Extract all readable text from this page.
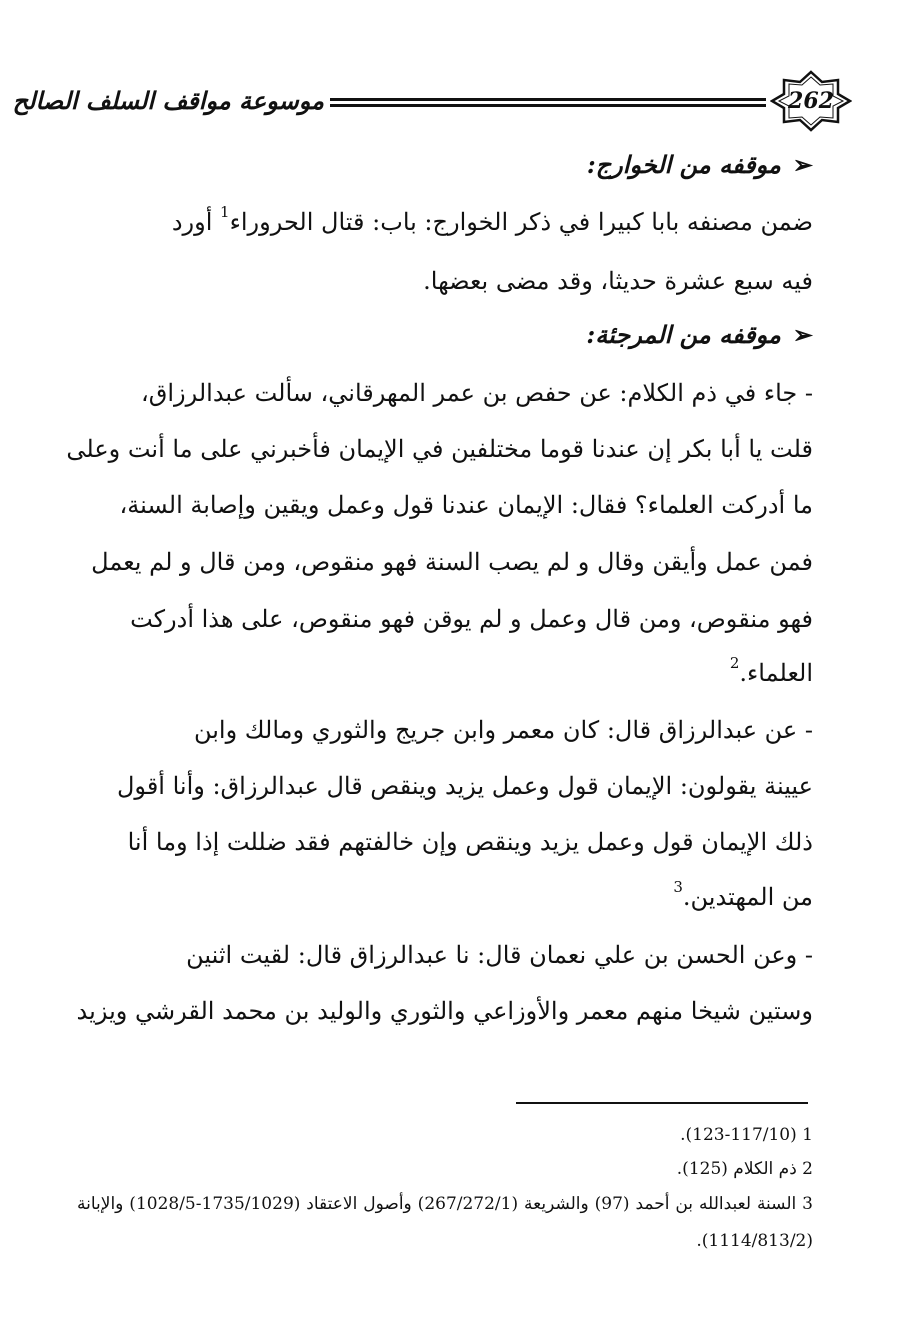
262
موسوعة مواقف السلف الصالح
➢موقفه من الخوارج:
ضمن مصنفه بابا كبيرا في ذكر الخوارج: باب: قتال الحروراء$^1$ أورد
فيه سبع عشرة حديثا، وقد مضى بعضها.
➢موقفه من المرجئة:
- جاء في ذم الكلام: عن حفص بن عمر المهرقاني، سألت عبدالرزاق،
قلت يا أبا بكر إن عندنا قوما مختلفين في الإيمان فأخبرني على ما أنت وعلى
ما أدركت العلماء؟ فقال: الإيمان عندنا قول وعمل ويقين وإصابة السنة،
فمن عمل وأيقن وقال و لم يصب السنة فهو منقوص، ومن قال و لم يعمل
فهو منقوص، ومن قال وعمل و لم يوقن فهو منقوص، على هذا أدركت
العلماء.$^2$
- عن عبدالرزاق قال: كان معمر وابن جريج والثوري ومالك وابن
عيينة يقولون: الإيمان قول وعمل يزيد وينقص قال عبدالرزاق: وأنا أقول
ذلك الإيمان قول وعمل يزيد وينقص وإن خالفتهم فقد ضللت إذا وما أنا
من المهتدين.$^3$
- وعن الحسن بن علي نعمان قال: نا عبدالرزاق قال: لقيت اثنين
وستين شيخا منهم معمر والأوزاعي والثوري والوليد بن محمد القرشي ويزيد
1 (123-117/10).
2 ذم الكلام (125).
3 السنة لعبدالله بن أحمد (97) والشريعة (267/272/1) وأصول الاعتقاد (1735/1029-1028/5) والإبانة
(1114/813/2).
